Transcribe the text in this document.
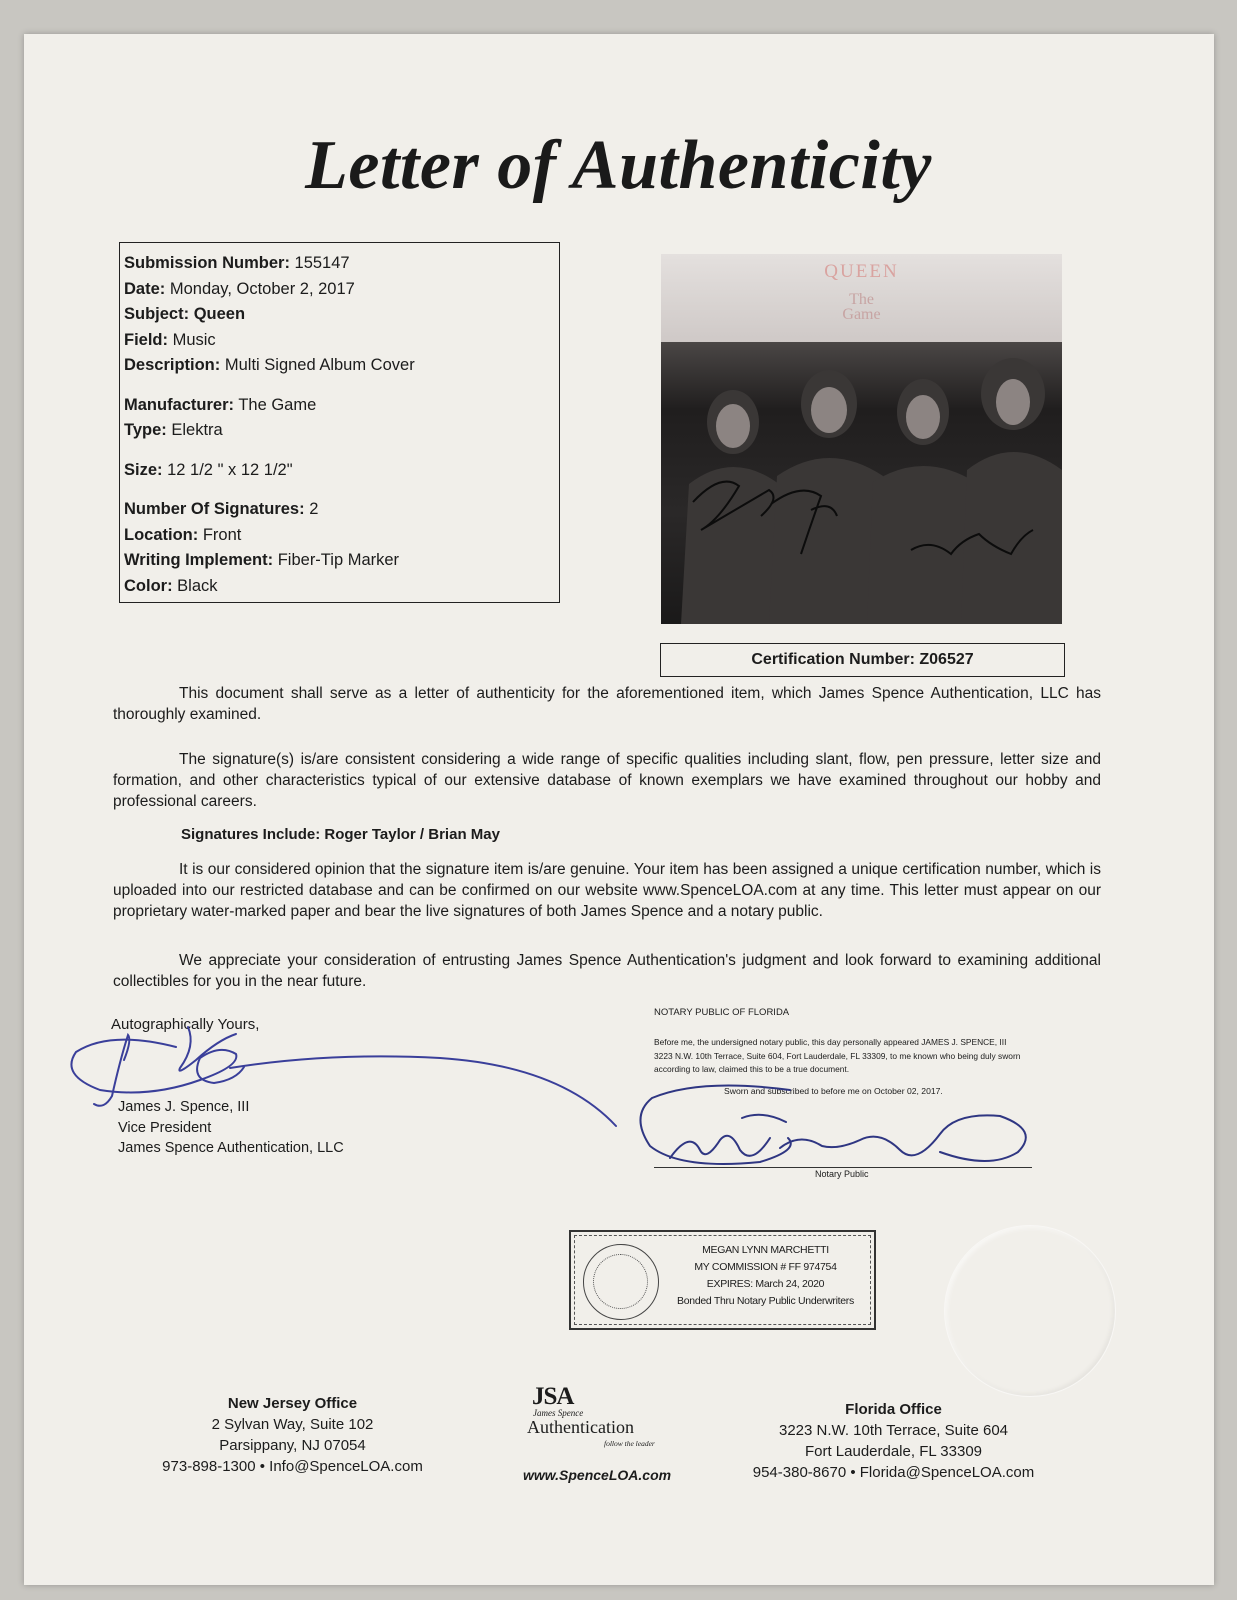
Letter of Authenticity
Submission Number: 155147
Date: Monday, October 2, 2017
Subject: Queen
Field: Music
Description: Multi Signed Album Cover
Manufacturer: The Game
Type: Elektra
Size: 12 1/2 " x 12 1/2"
Number Of Signatures: 2
Location: Front
Writing Implement: Fiber-Tip Marker
Color: Black
QUEEN
The
Game
Certification Number: Z06527
This document shall serve as a letter of authenticity for the aforementioned item, which James Spence Authentication, LLC has thoroughly examined.
The signature(s) is/are consistent considering a wide range of specific qualities including slant, flow, pen pressure, letter size and formation, and other characteristics typical of our extensive database of known exemplars we have examined throughout our hobby and professional careers.
Signatures Include: Roger Taylor / Brian May
It is our considered opinion that the signature item is/are genuine. Your item has been assigned a unique certification number, which is uploaded into our restricted database and can be confirmed on our website www.SpenceLOA.com at any time. This letter must appear on our proprietary water-marked paper and bear the live signatures of both James Spence and a notary public.
We appreciate your consideration of entrusting James Spence Authentication's judgment and look forward to examining additional collectibles for you in the near future.
Autographically Yours,
James J. Spence, III
Vice President
James Spence Authentication, LLC
NOTARY PUBLIC OF FLORIDA
Before me, the undersigned notary public, this day personally appeared JAMES J. SPENCE, III 3223 N.W. 10th Terrace, Suite 604, Fort Lauderdale, FL 33309, to me known who being duly sworn according to law, claimed this to be a true document.
Sworn and subscribed to before me on October 02, 2017.
Notary Public
MEGAN LYNN MARCHETTI
MY COMMISSION # FF 974754
EXPIRES: March 24, 2020
Bonded Thru Notary Public Underwriters
New Jersey Office
2 Sylvan Way, Suite 102
Parsippany, NJ 07054
973-898-1300 • Info@SpenceLOA.com
JSA
James Spence
Authentication
follow the leader
www.SpenceLOA.com
Florida Office
3223 N.W. 10th Terrace, Suite 604
Fort Lauderdale, FL 33309
954-380-8670 • Florida@SpenceLOA.com
